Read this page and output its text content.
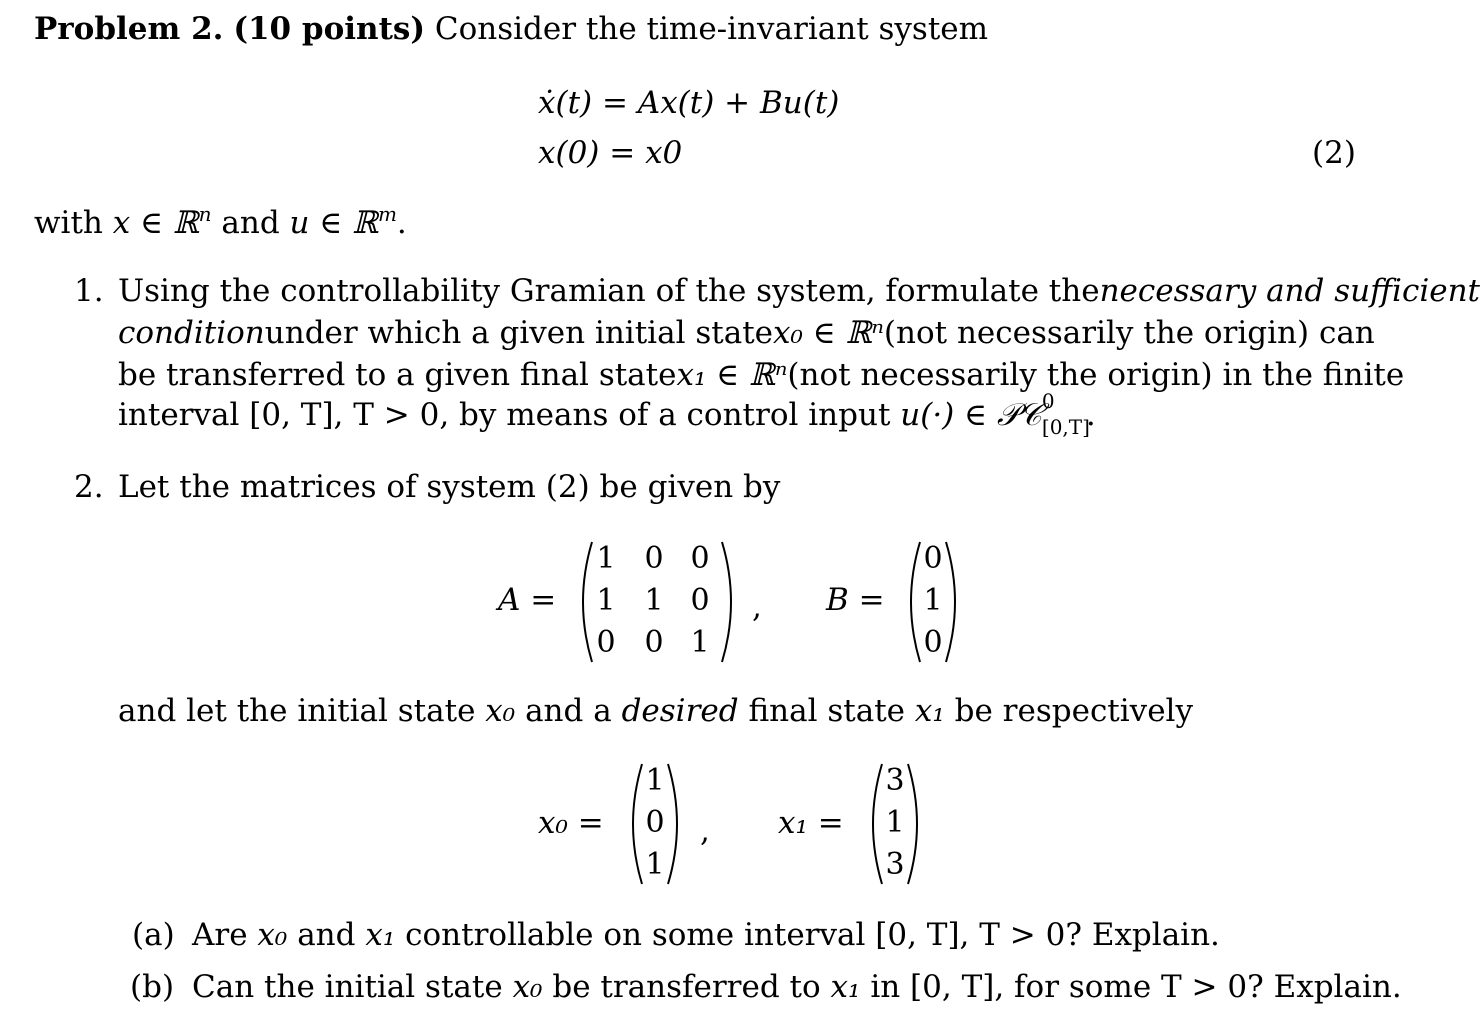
Problem 2. (10 points) Consider the time-invariant system
ẋ(t) = Ax(t) + Bu(t)
x(0) = x0	(2)
with x ∈ ℝ$^n$ and u ∈ ℝ$^m$.
1. Using the controllability Gramian of the system, formulate the necessary and sufficient
condition under which a given initial state x₀ ∈ ℝⁿ (not necessarily the origin) can
be transferred to a given final state x₁ ∈ ℝⁿ (not necessarily the origin) in the finite
interval [0, T], T > 0, by means of a control input u(·) ∈ 𝒫𝒞 0
[0,T]
.
2. Let the matrices of system (2) be given by
A =
1 0 0
1 1 0
0 0 1
, B =
0
1
0
and let the initial state x₀ and a desired final state x₁ be respectively
x₀ =
1
0
1
, x₁ =
3
1
3
(a) Are x₀ and x₁ controllable on some interval [0, T], T > 0? Explain.
(b) Can the initial state x₀ be transferred to x₁ in [0, T], for some T > 0? Explain.
